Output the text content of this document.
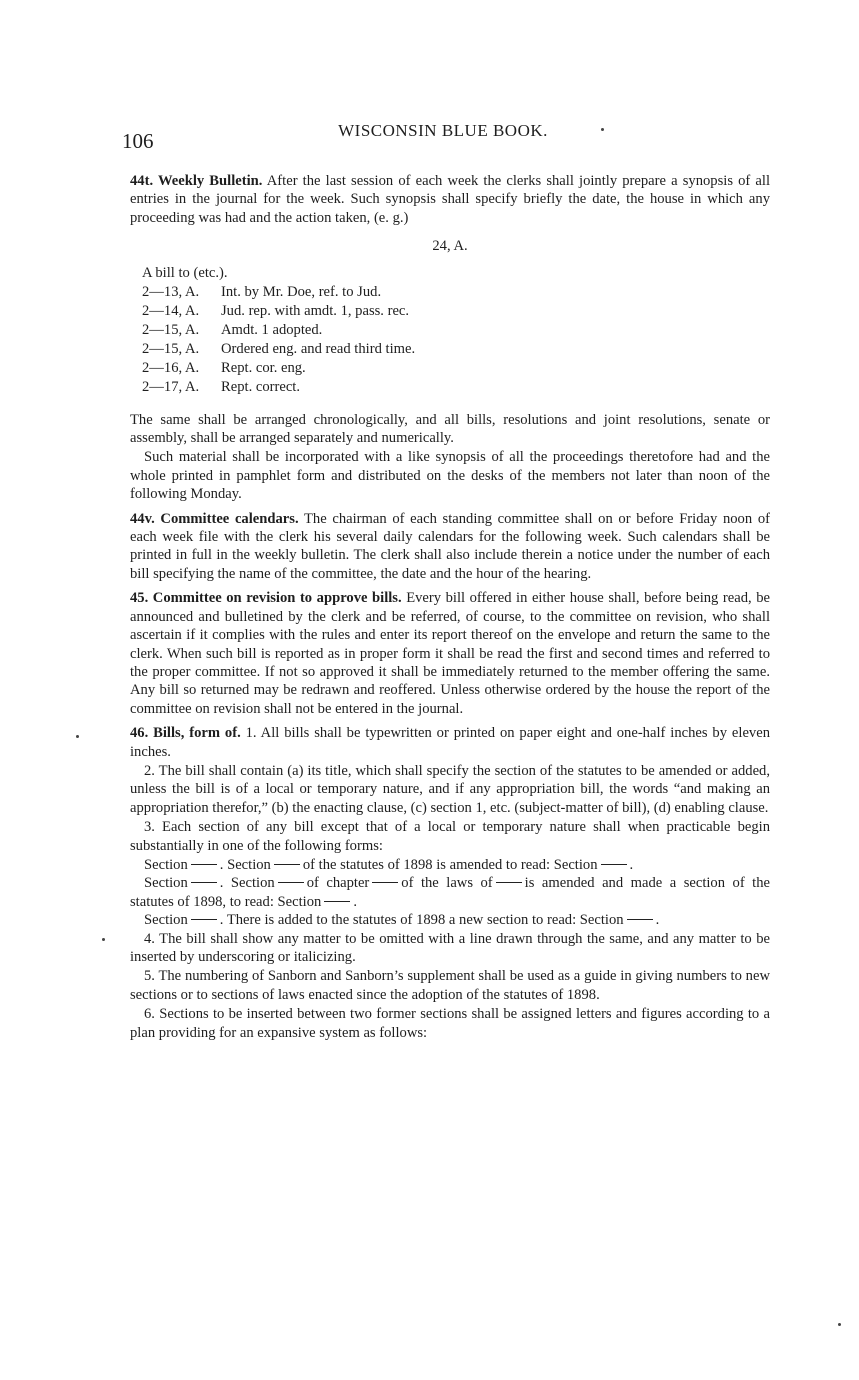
106	WISCONSIN BLUE BOOK.

44t. Weekly Bulletin. After the last session of each week the clerks shall jointly prepare a synopsis of all entries in the journal for the week. Such synopsis shall specify briefly the date, the house in which any proceeding was had and the action taken, (e. g.)

24, A.
A bill to (etc.).
2—13, A. Int. by Mr. Doe, ref. to Jud.
2—14, A. Jud. rep. with amdt. 1, pass. rec.
2—15, A. Amdt. 1 adopted.
2—15, A. Ordered eng. and read third time.
2—16, A. Rept. cor. eng.
2—17, A. Rept. correct.

The same shall be arranged chronologically, and all bills, resolutions and joint resolutions, senate or assembly, shall be arranged separately and numerically.

Such material shall be incorporated with a like synopsis of all the proceedings theretofore had and the whole printed in pamphlet form and distributed on the desks of the members not later than noon of the following Monday.

44v. Committee calendars. The chairman of each standing committee shall on or before Friday noon of each week file with the clerk his several daily calendars for the following week. Such calendars shall be printed in full in the weekly bulletin. The clerk shall also include therein a notice under the number of each bill specifying the name of the committee, the date and the hour of the hearing.

45. Committee on revision to approve bills. Every bill offered in either house shall, before being read, be announced and bulletined by the clerk and be referred, of course, to the committee on revision, who shall ascertain if it complies with the rules and enter its report thereof on the envelope and return the same to the clerk. When such bill is reported as in proper form it shall be read the first and second times and referred to the proper committee. If not so approved it shall be immediately returned to the member offering the same. Any bill so returned may be redrawn and reoffered. Unless otherwise ordered by the house the report of the committee on revision shall not be entered in the journal.

46. Bills, form of. 1. All bills shall be typewritten or printed on paper eight and one-half inches by eleven inches.

2. The bill shall contain (a) its title, which shall specify the section of the statutes to be amended or added, unless the bill is of a local or temporary nature, and if any appropriation bill, the words “and making an appropriation therefor,” (b) the enacting clause, (c) section 1, etc. (subject-matter of bill), (d) enabling clause.

3. Each section of any bill except that of a local or temporary nature shall when practicable begin substantially in one of the following forms:

Section . Section of the statutes of 1898 is amended to read: Section .

Section . Section of chapter of the laws of is amended and made a section of the statutes of 1898, to read: Section .

Section . There is added to the statutes of 1898 a new section to read: Section .

4. The bill shall show any matter to be omitted with a line drawn through the same, and any matter to be inserted by underscoring or italicizing.

5. The numbering of Sanborn and Sanborn’s supplement shall be used as a guide in giving numbers to new sections or to sections of laws enacted since the adoption of the statutes of 1898.

6. Sections to be inserted between two former sections shall be assigned letters and figures according to a plan providing for an expansive system as follows:
